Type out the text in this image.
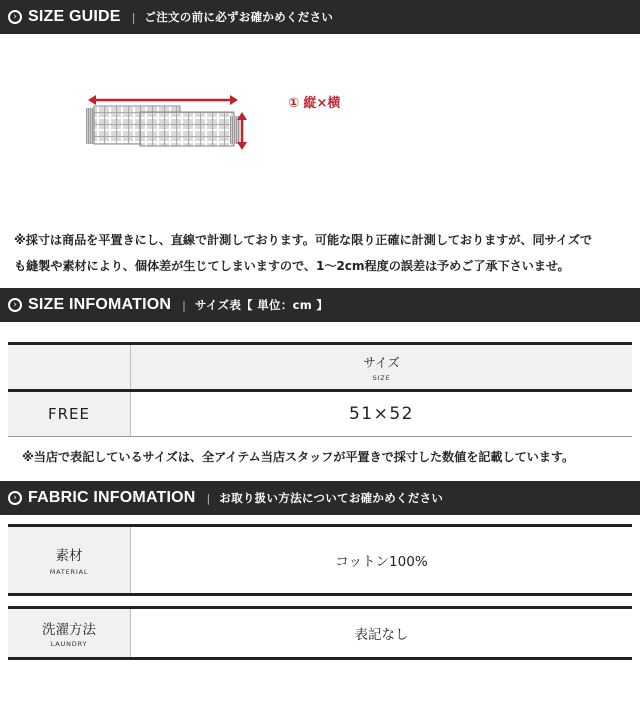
› SIZE GUIDE | ご注文の前に必ずお確かめください
① 縦×横
※採寸は商品を平置きにし、直線で計測しております。可能な限り正確に計測しておりますが、同サイズで
も縫製や素材により、個体差が生じてしまいますので、1〜2cm程度の誤差は予めご了承下さいませ。
› SIZE INFOMATION | サイズ表【 単位：cm 】
サイズ
SIZE
FREE	51×52
※当店で表記しているサイズは、全アイテム当店スタッフが平置きで採寸した数値を記載しています。
› FABRIC INFOMATION | お取り扱い方法についてお確かめください
素材
MATERIAL
コットン100%
洗濯方法
LAUNDRY
表記なし
